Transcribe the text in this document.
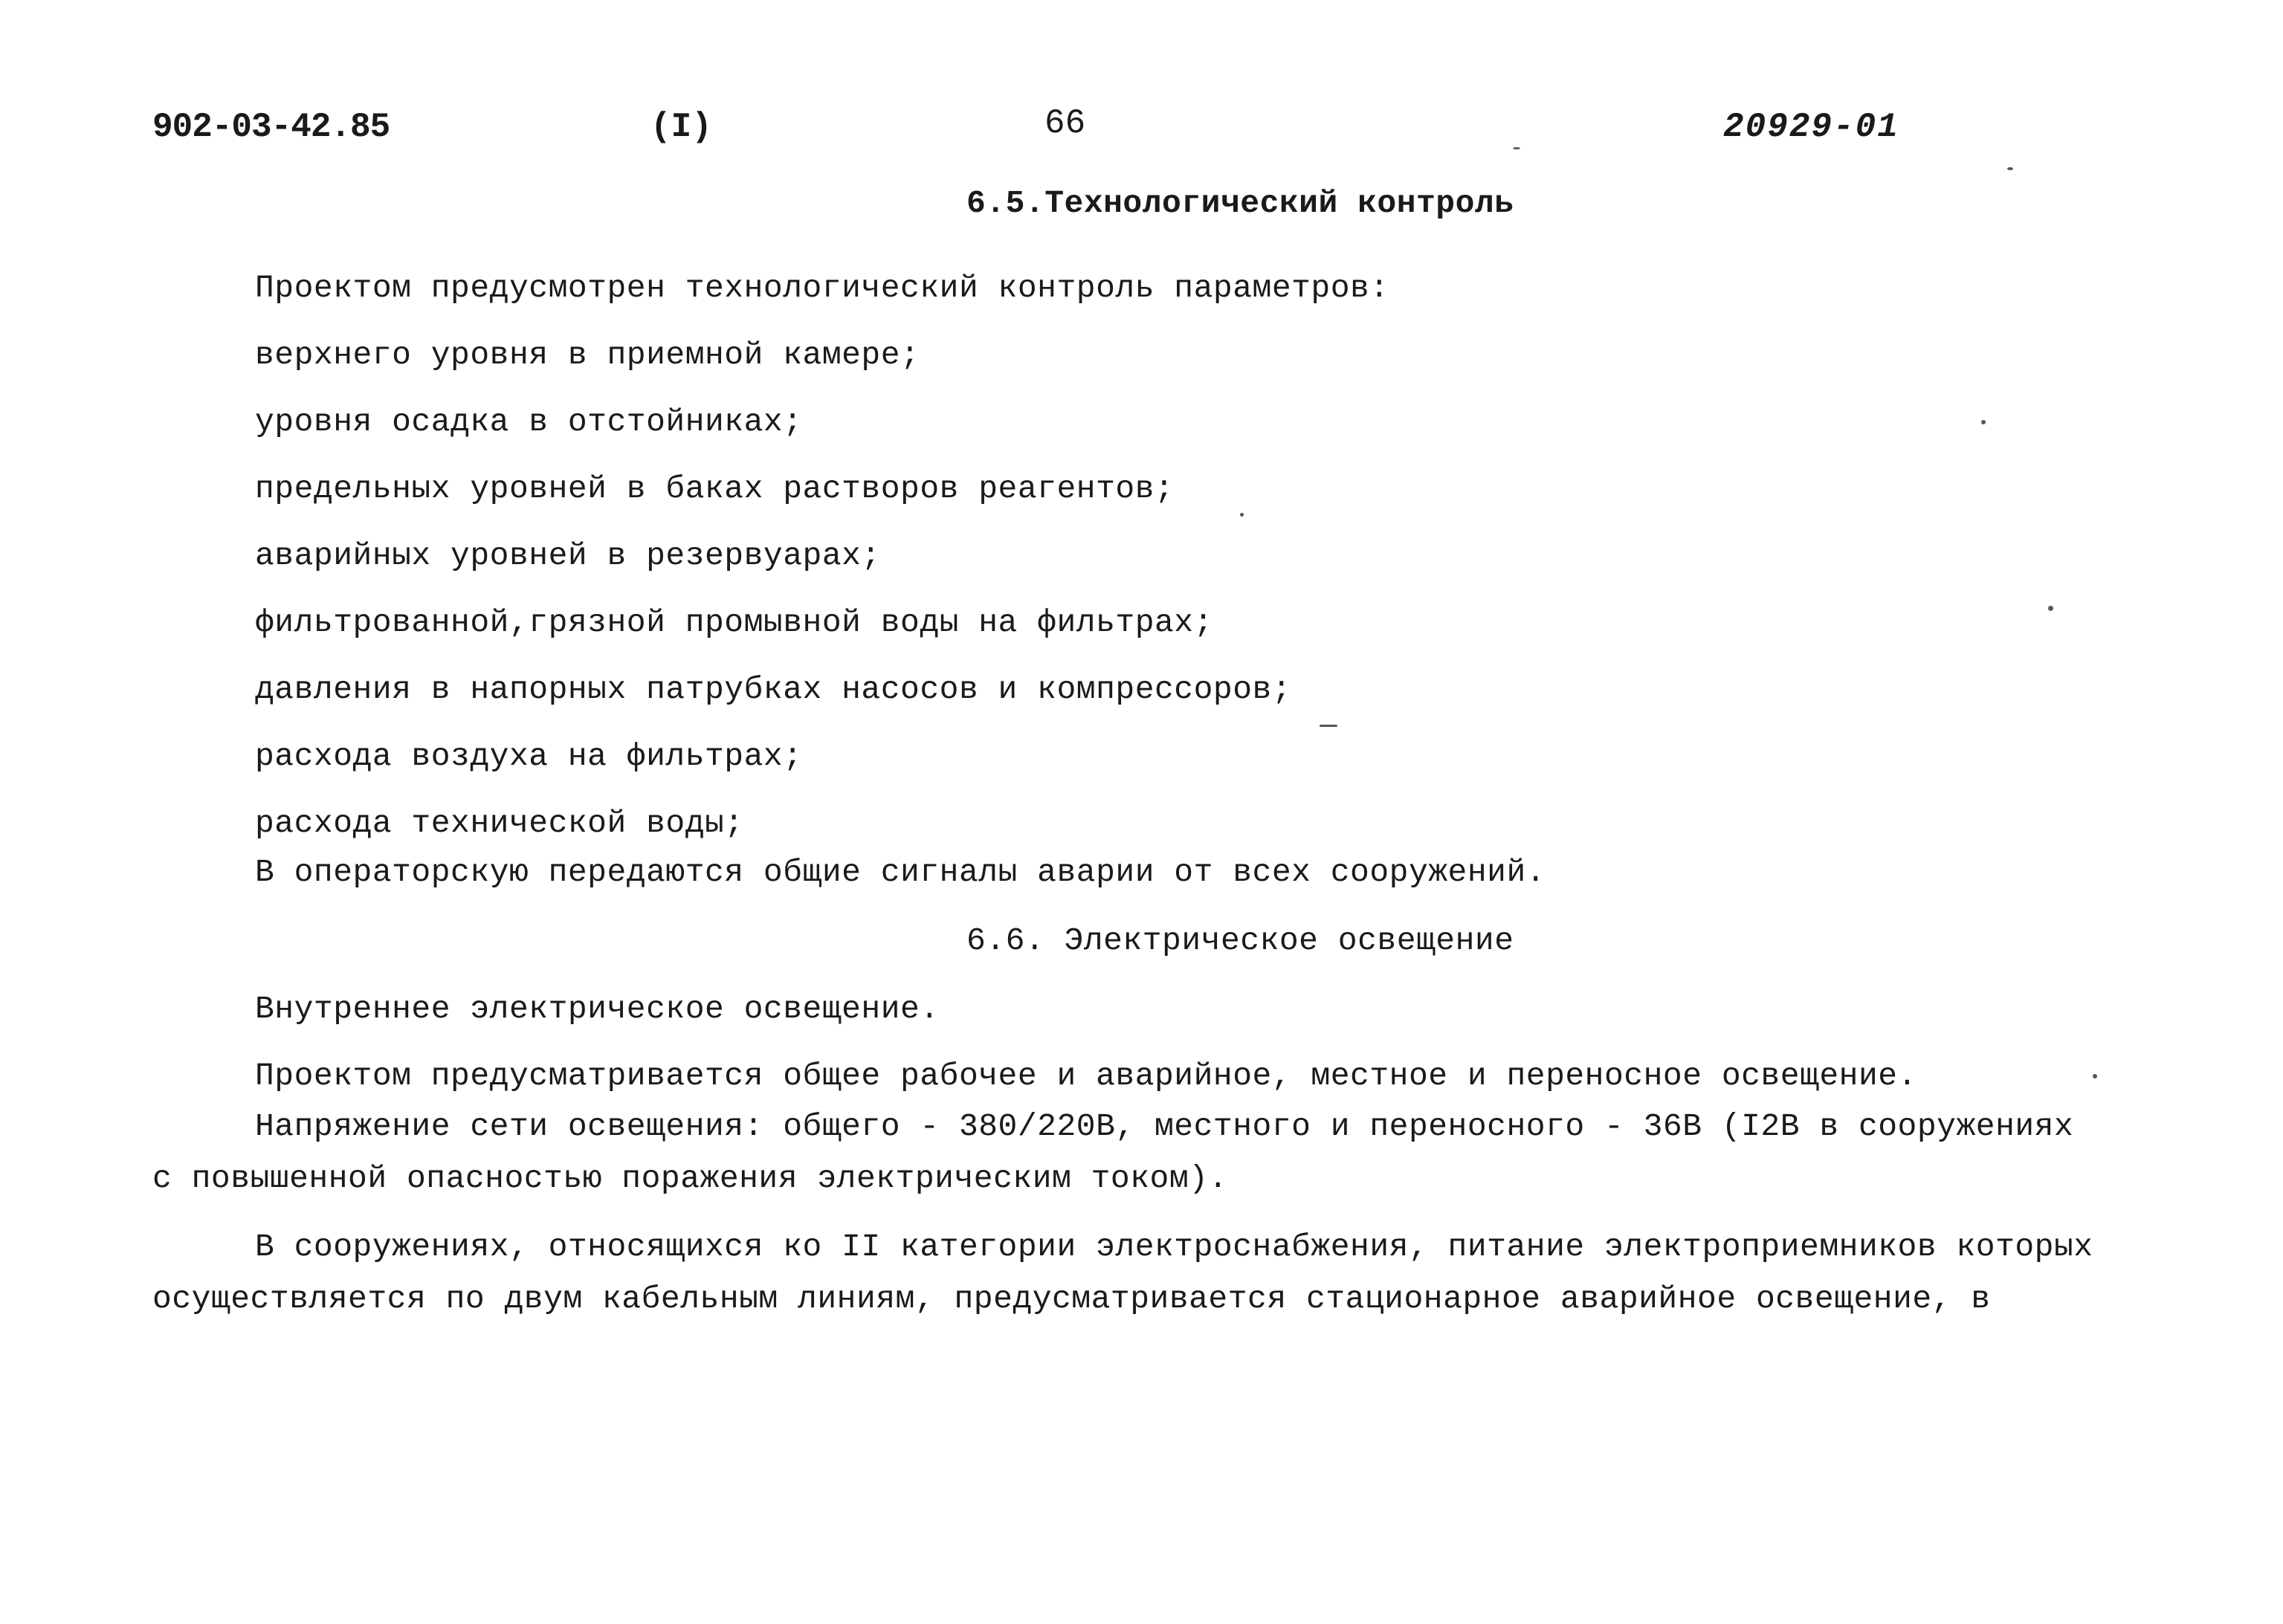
902-03-42.85	(I)	66	20929-01
6.5.Технологический контроль
Проектом предусмотрен технологический контроль параметров:
верхнего уровня в приемной камере;
уровня осадка в отстойниках;
предельных уровней в баках растворов реагентов;
аварийных уровней в резервуарах;
фильтрованной,грязной промывной воды на фильтрах;
давления в напорных патрубках насосов и компрессоров;
расхода воздуха на фильтрах;
расхода технической воды;
В операторскую передаются общие сигналы аварии от всех сооружений.
6.6. Электрическое освещение
Внутреннее электрическое освещение.
Проектом предусматривается общее рабочее и аварийное, местное и переносное освещение.
Напряжение сети освещения: общего - 380/220В, местного и переносного - 36В (I2В в сооружениях
с повышенной опасностью поражения электрическим током).
В сооружениях, относящихся ко II категории электроснабжения, питание электроприемников которых
осуществляется по двум кабельным линиям, предусматривается стационарное аварийное освещение, в
